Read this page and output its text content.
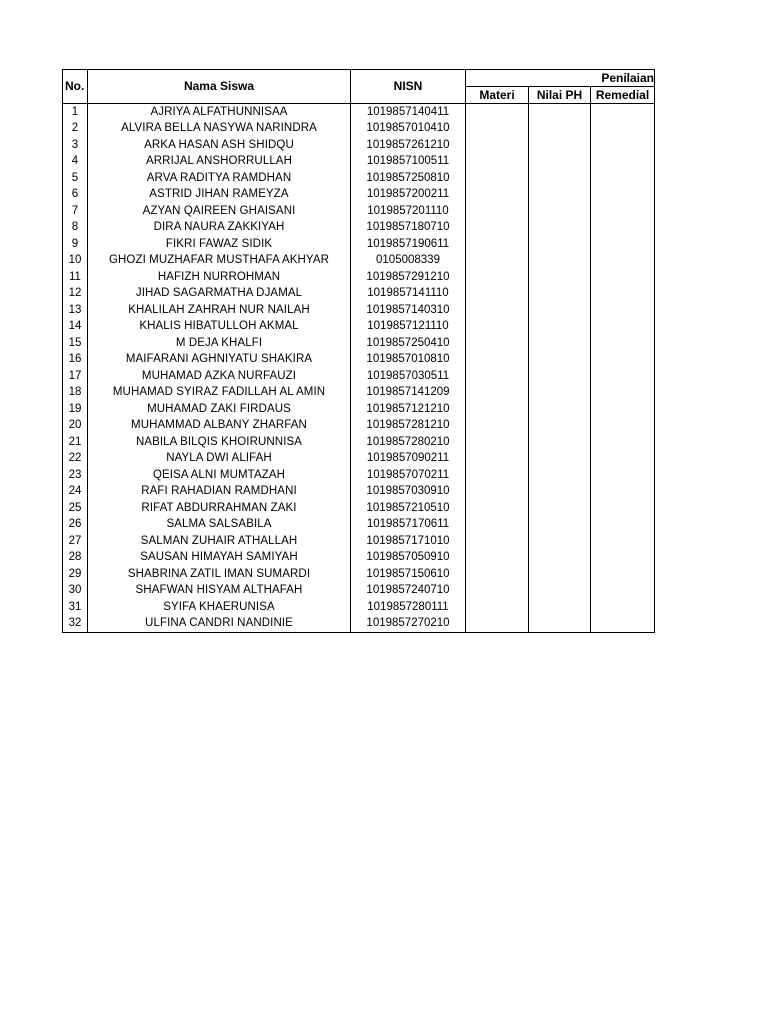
No.	Nama Siswa	NISN	Penilaian		
			Materi	Nilai PH	Remedial
1	AJRIYA ALFATHUNNISAA	1019857140411			
2	ALVIRA BELLA NASYWA NARINDRA	1019857010410			
3	ARKA HASAN ASH SHIDQU	1019857261210			
4	ARRIJAL ANSHORRULLAH	1019857100511			
5	ARVA RADITYA RAMDHAN	1019857250810			
6	ASTRID JIHAN RAMEYZA	1019857200211			
7	AZYAN QAIREEN GHAISANI	1019857201110			
8	DIRA NAURA ZAKKIYAH	1019857180710			
9	FIKRI FAWAZ SIDIK	1019857190611			
10	GHOZI MUZHAFAR MUSTHAFA AKHYAR	0105008339			
11	HAFIZH NURROHMAN	1019857291210			
12	JIHAD SAGARMATHA DJAMAL	1019857141110			
13	KHALILAH ZAHRAH NUR NAILAH	1019857140310			
14	KHALIS HIBATULLOH AKMAL	1019857121110			
15	M DEJA KHALFI	1019857250410			
16	MAIFARANI AGHNIYATU SHAKIRA	1019857010810			
17	MUHAMAD AZKA NURFAUZI	1019857030511			
18	MUHAMAD SYIRAZ FADILLAH AL AMIN	1019857141209			
19	MUHAMAD ZAKI FIRDAUS	1019857121210			
20	MUHAMMAD ALBANY ZHARFAN	1019857281210			
21	NABILA BILQIS KHOIRUNNISA	1019857280210			
22	NAYLA DWI ALIFAH	1019857090211			
23	QEISA ALNI MUMTAZAH	1019857070211			
24	RAFI RAHADIAN RAMDHANI	1019857030910			
25	RIFAT ABDURRAHMAN ZAKI	1019857210510			
26	SALMA SALSABILA	1019857170611			
27	SALMAN ZUHAIR ATHALLAH	1019857171010			
28	SAUSAN HIMAYAH SAMIYAH	1019857050910			
29	SHABRINA ZATIL IMAN SUMARDI	1019857150610			
30	SHAFWAN HISYAM ALTHAFAH	1019857240710			
31	SYIFA KHAERUNISA	1019857280111			
32	ULFINA CANDRI NANDINIE	1019857270210			
